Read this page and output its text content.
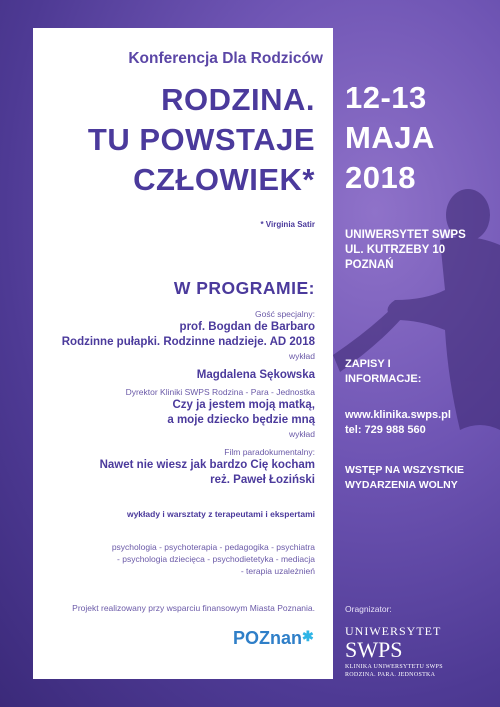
Konferencja Dla Rodziców
RODZINA.
TU POWSTAJE
CZŁOWIEK*
* Virginia Satir
W PROGRAMIE:
Gość specjalny:
prof. Bogdan de Barbaro
Rodzinne pułapki. Rodzinne nadzieje. AD 2018
wykład
Magdalena Sękowska
Dyrektor Kliniki SWPS Rodzina - Para - Jednostka
Czy ja jestem moją matką,
a moje dziecko będzie mną
wykład
Film paradokumentalny:
Nawet nie wiesz jak bardzo Cię kocham
reż. Paweł Łoziński
wykłady i warsztaty z terapeutami i ekspertami
psychologia - psychoterapia - pedagogika - psychiatra
- psychologia dziecięca - psychodietetyka - mediacja
- terapia uzależnień
Projekt realizowany przy wsparciu finansowym Miasta Poznania.
POZnan✱
12-13
MAJA
2018
UNIWERSYTET SWPS
UL. KUTRZEBY 10
POZNAŃ
ZAPISY I
INFORMACJE:
www.klinika.swps.pl
tel: 729 988 560
WSTĘP NA WSZYSTKIE
WYDARZENIA WOLNY
Oragnizator:
UNIWERSYTET
SWPS
KLINIKA UNIWERSYTETU SWPS
RODZINA. PARA. JEDNOSTKA
